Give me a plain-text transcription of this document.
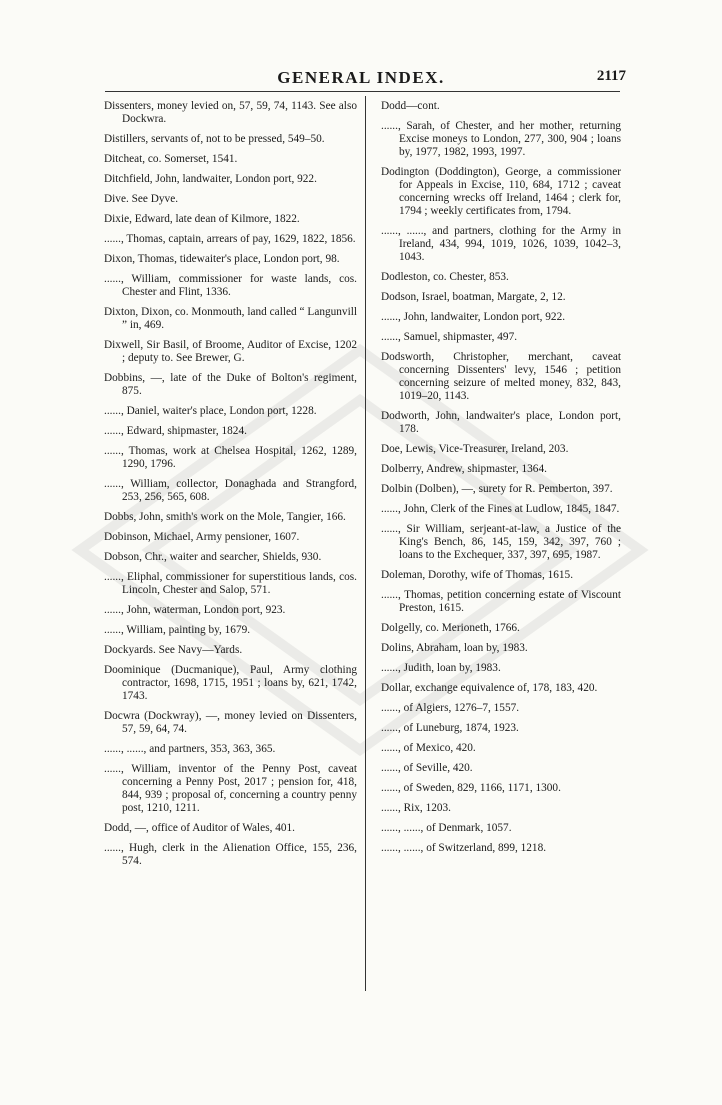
GENERAL INDEX.	2117
Dissenters, money levied on, 57, 59, 74, 1143. See also Dockwra.
Distillers, servants of, not to be pressed, 549–50.
Ditcheat, co. Somerset, 1541.
Ditchfield, John, landwaiter, London port, 922.
Dive. See Dyve.
Dixie, Edward, late dean of Kilmore, 1822.
......, Thomas, captain, arrears of pay, 1629, 1822, 1856.
Dixon, Thomas, tidewaiter's place, London port, 98.
......, William, commissioner for waste lands, cos. Chester and Flint, 1336.
Dixton, Dixon, co. Monmouth, land called “ Langunvill ” in, 469.
Dixwell, Sir Basil, of Broome, Auditor of Excise, 1202 ; deputy to. See Brewer, G.
Dobbins, —, late of the Duke of Bolton's regiment, 875.
......, Daniel, waiter's place, London port, 1228.
......, Edward, shipmaster, 1824.
......, Thomas, work at Chelsea Hospital, 1262, 1289, 1290, 1796.
......, William, collector, Donaghada and Strangford, 253, 256, 565, 608.
Dobbs, John, smith's work on the Mole, Tangier, 166.
Dobinson, Michael, Army pensioner, 1607.
Dobson, Chr., waiter and searcher, Shields, 930.
......, Eliphal, commissioner for superstitious lands, cos. Lincoln, Chester and Salop, 571.
......, John, waterman, London port, 923.
......, William, painting by, 1679.
Dockyards. See Navy—Yards.
Doominique (Ducmanique), Paul, Army clothing contractor, 1698, 1715, 1951 ; loans by, 621, 1742, 1743.
Docwra (Dockwray), —, money levied on Dissenters, 57, 59, 64, 74.
......, ......, and partners, 353, 363, 365.
......, William, inventor of the Penny Post, caveat concerning a Penny Post, 2017 ; pension for, 418, 844, 939 ; proposal of, concerning a country penny post, 1210, 1211.
Dodd, —, office of Auditor of Wales, 401.
......, Hugh, clerk in the Alienation Office, 155, 236, 574.
Dodd—cont.
......, Sarah, of Chester, and her mother, returning Excise moneys to London, 277, 300, 904 ; loans by, 1977, 1982, 1993, 1997.
Dodington (Doddington), George, a commissioner for Appeals in Excise, 110, 684, 1712 ; caveat concerning wrecks off Ireland, 1464 ; clerk for, 1794 ; weekly certificates from, 1794.
......, ......, and partners, clothing for the Army in Ireland, 434, 994, 1019, 1026, 1039, 1042–3, 1043.
Dodleston, co. Chester, 853.
Dodson, Israel, boatman, Margate, 2, 12.
......, John, landwaiter, London port, 922.
......, Samuel, shipmaster, 497.
Dodsworth, Christopher, merchant, caveat concerning Dissenters' levy, 1546 ; petition concerning seizure of melted money, 832, 843, 1019–20, 1143.
Dodworth, John, landwaiter's place, London port, 178.
Doe, Lewis, Vice-Treasurer, Ireland, 203.
Dolberry, Andrew, shipmaster, 1364.
Dolbin (Dolben), —, surety for R. Pemberton, 397.
......, John, Clerk of the Fines at Ludlow, 1845, 1847.
......, Sir William, serjeant-at-law, a Justice of the King's Bench, 86, 145, 159, 342, 397, 760 ; loans to the Exchequer, 337, 397, 695, 1987.
Doleman, Dorothy, wife of Thomas, 1615.
......, Thomas, petition concerning estate of Viscount Preston, 1615.
Dolgelly, co. Merioneth, 1766.
Dolins, Abraham, loan by, 1983.
......, Judith, loan by, 1983.
Dollar, exchange equivalence of, 178, 183, 420.
......, of Algiers, 1276–7, 1557.
......, of Luneburg, 1874, 1923.
......, of Mexico, 420.
......, of Seville, 420.
......, of Sweden, 829, 1166, 1171, 1300.
......, Rix, 1203.
......, ......, of Denmark, 1057.
......, ......, of Switzerland, 899, 1218.
